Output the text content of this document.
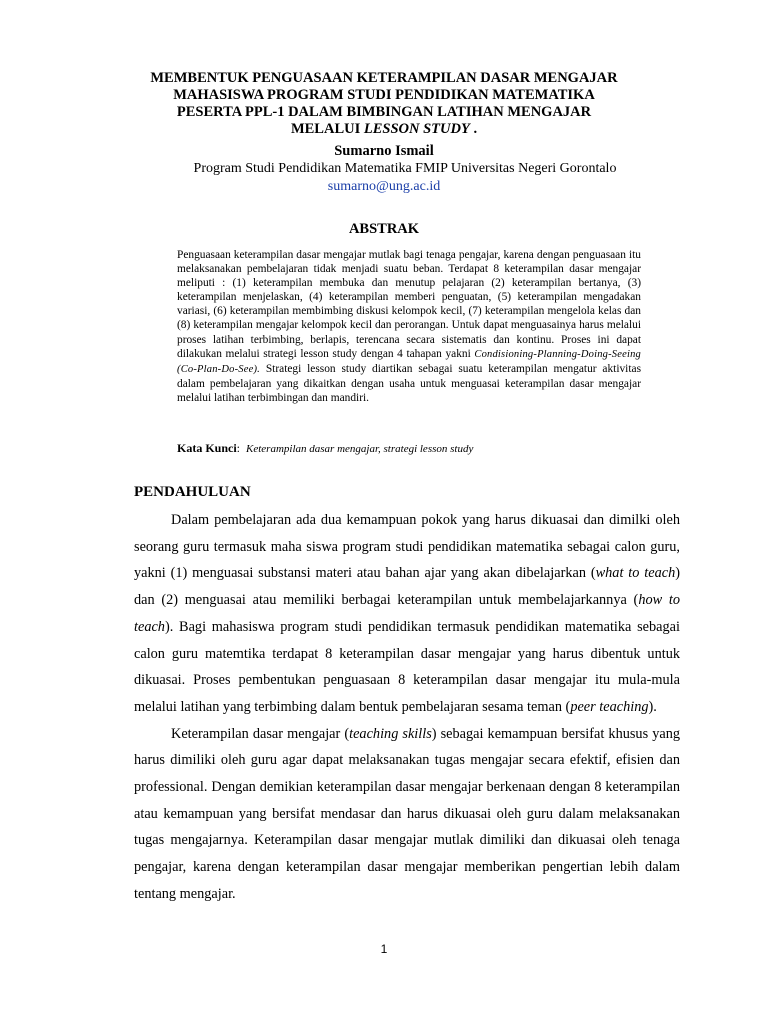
MEMBENTUK PENGUASAAN KETERAMPILAN DASAR MENGAJAR
MAHASISWA PROGRAM STUDI PENDIDIKAN MATEMATIKA
PESERTA PPL-1 DALAM BIMBINGAN LATIHAN MENGAJAR
MELALUI LESSON STUDY .
Sumarno Ismail
Program Studi Pendidikan Matematika FMIP Universitas Negeri Gorontalo
sumarno@ung.ac.id
ABSTRAK
Penguasaan keterampilan dasar mengajar mutlak bagi tenaga pengajar, karena dengan penguasaan itu melaksanakan pembelajaran tidak menjadi suatu beban. Terdapat 8 keterampilan dasar mengajar meliputi : (1) keterampilan membuka dan menutup pelajaran (2) keterampilan bertanya, (3) keterampilan menjelaskan, (4) keterampilan memberi penguatan, (5) keterampilan mengadakan variasi, (6) keterampilan membimbing diskusi kelompok kecil, (7) keterampilan mengelola kelas dan (8) keterampilan mengajar kelompok kecil dan perorangan. Untuk dapat menguasainya harus melalui proses latihan terbimbing, berlapis, terencana secara sistematis dan kontinu. Proses ini dapat dilakukan melalui strategi lesson study dengan 4 tahapan yakni Condisioning-Planning-Doing-Seeing (Co-Plan-Do-See). Strategi lesson study diartikan sebagai suatu keterampilan mengatur aktivitas dalam pembelajaran yang dikaitkan dengan usaha untuk menguasai keterampilan dasar mengajar melalui latihan terbimbingan dan mandiri.
Kata Kunci: Keterampilan dasar mengajar, strategi lesson study
PENDAHULUAN

Dalam pembelajaran ada dua kemampuan pokok yang harus dikuasai dan dimilki oleh seorang guru termasuk maha siswa program studi pendidikan matematika sebagai calon guru, yakni (1) menguasai substansi materi atau bahan ajar yang akan dibelajarkan (what to teach) dan (2) menguasai atau memiliki berbagai keterampilan untuk membelajarkannya (how to teach). Bagi mahasiswa program studi pendidikan termasuk pendidikan matematika sebagai calon guru matemtika terdapat 8 keterampilan dasar mengajar yang harus dibentuk untuk dikuasai. Proses pembentukan penguasaan 8 keterampilan dasar mengajar itu mula-mula melalui latihan yang terbimbing dalam bentuk pembelajaran sesama teman (peer teaching).

Keterampilan dasar mengajar (teaching skills) sebagai kemampuan bersifat khusus yang harus dimiliki oleh guru agar dapat melaksanakan tugas mengajar secara efektif, efisien dan professional. Dengan demikian keterampilan dasar mengajar berkenaan dengan 8 keterampilan atau kemampuan yang bersifat mendasar dan harus dikuasai oleh guru dalam melaksanakan tugas mengajarnya. Keterampilan dasar mengajar mutlak dimiliki dan dikuasai oleh tenaga pengajar, karena dengan keterampilan dasar mengajar memberikan pengertian lebih dalam tentang mengajar.

1
